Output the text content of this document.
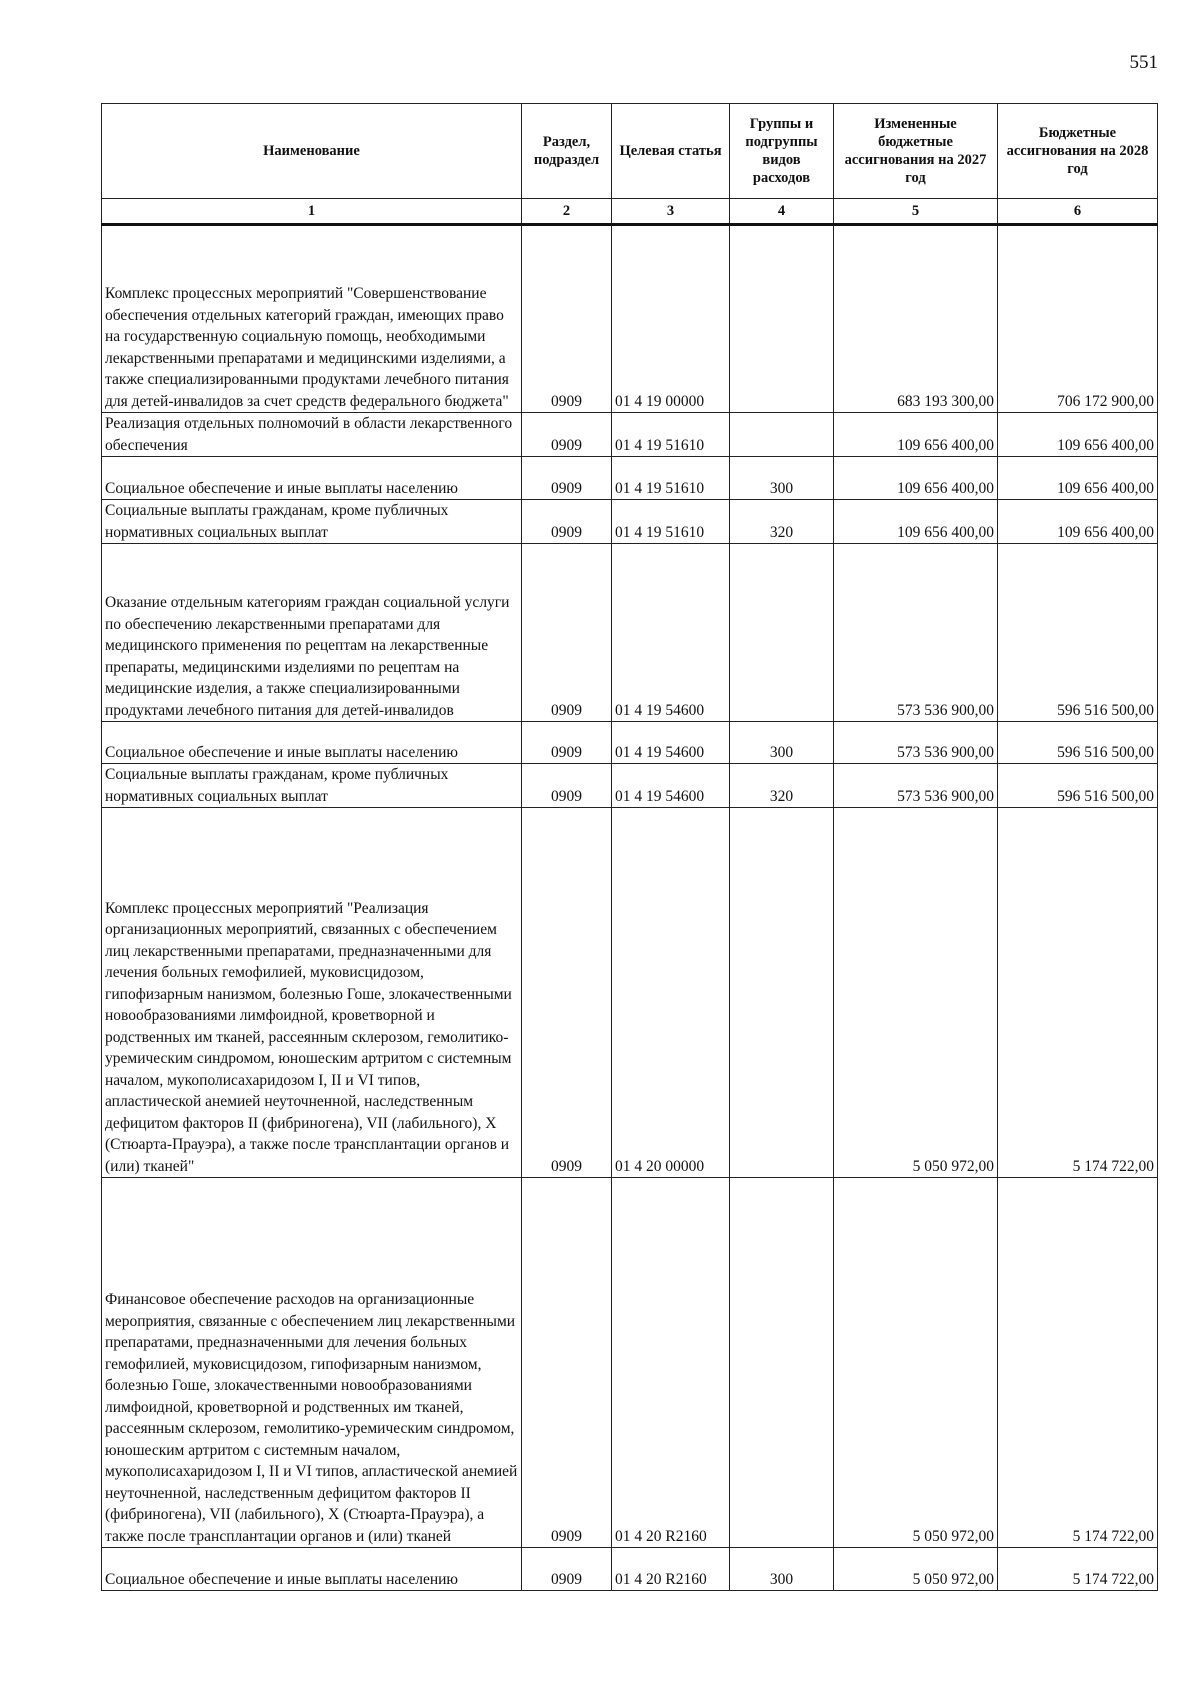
551
Наименование	Раздел, подраздел	Целевая статья	Группы и подгруппы видов расходов	Измененные бюджетные ассигнования на 2027 год	Бюджетные ассигнования на 2028 год
1	2	3	4	5	6
Комплекс процессных мероприятий "Совершенствование обеспечения отдельных категорий граждан, имеющих право на государственную социальную помощь, необходимыми лекарственными препаратами и медицинскими изделиями, а также специализированными продуктами лечебного питания для детей-инвалидов за счет средств федерального бюджета"	0909	01 4 19 00000		683 193 300,00	706 172 900,00
Реализация отдельных полномочий в области лекарственного обеспечения	0909	01 4 19 51610		109 656 400,00	109 656 400,00
Социальное обеспечение и иные выплаты населению	0909	01 4 19 51610	300	109 656 400,00	109 656 400,00
Социальные выплаты гражданам, кроме публичных нормативных социальных выплат	0909	01 4 19 51610	320	109 656 400,00	109 656 400,00
Оказание отдельным категориям граждан социальной услуги по обеспечению лекарственными препаратами для медицинского применения по рецептам на лекарственные препараты, медицинскими изделиями по рецептам на медицинские изделия, а также специализированными продуктами лечебного питания для детей-инвалидов	0909	01 4 19 54600		573 536 900,00	596 516 500,00
Социальное обеспечение и иные выплаты населению	0909	01 4 19 54600	300	573 536 900,00	596 516 500,00
Социальные выплаты гражданам, кроме публичных нормативных социальных выплат	0909	01 4 19 54600	320	573 536 900,00	596 516 500,00
Комплекс процессных мероприятий "Реализация организационных мероприятий, связанных с обеспечением лиц лекарственными препаратами, предназначенными для лечения больных гемофилией, муковисцидозом, гипофизарным нанизмом, болезнью Гоше, злокачественными новообразованиями лимфоидной, кроветворной и родственных им тканей, рассеянным склерозом, гемолитико-уремическим синдромом, юношеским артритом с системным началом, мукополисахаридозом I, II и VI типов, апластической анемией неуточненной, наследственным дефицитом факторов II (фибриногена), VII (лабильного), X (Стюарта-Прауэра), а также после трансплантации органов и (или) тканей"	0909	01 4 20 00000		5 050 972,00	5 174 722,00
Финансовое обеспечение расходов на организационные мероприятия, связанные с обеспечением лиц лекарственными препаратами, предназначенными для лечения больных гемофилией, муковисцидозом, гипофизарным нанизмом, болезнью Гоше, злокачественными новообразованиями лимфоидной, кроветворной и родственных им тканей, рассеянным склерозом, гемолитико-уремическим синдромом, юношеским артритом с системным началом, мукополисахаридозом I, II и VI типов, апластической анемией неуточненной, наследственным дефицитом факторов II (фибриногена), VII (лабильного), X (Стюарта-Прауэра), а также после трансплантации органов и (или) тканей	0909	01 4 20 R2160		5 050 972,00	5 174 722,00
Социальное обеспечение и иные выплаты населению	0909	01 4 20 R2160	300	5 050 972,00	5 174 722,00
